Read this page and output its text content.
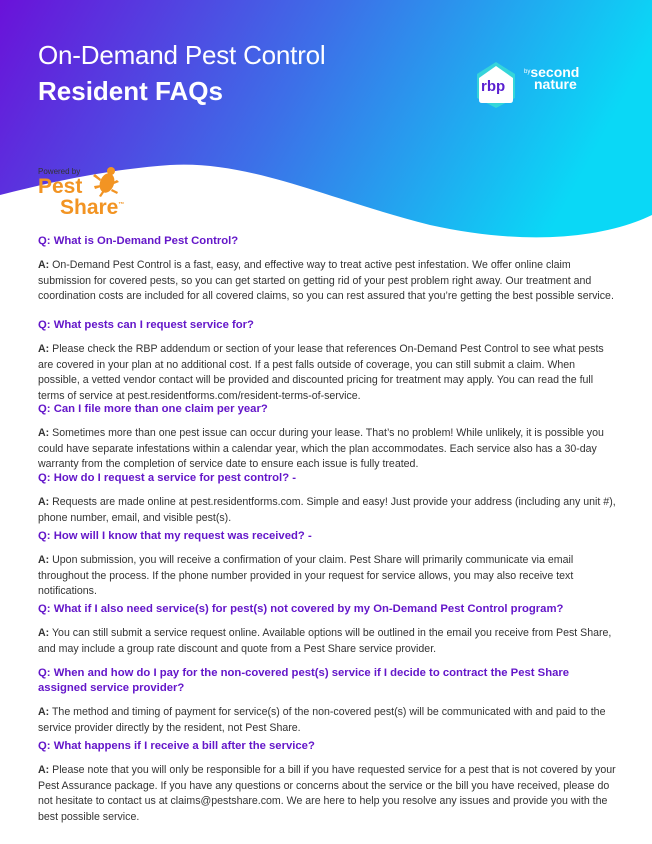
On-Demand Pest Control
Resident FAQs	rbp
$^{by}$second
nature
Powered by
Pest
Share™

Q: What is On-Demand Pest Control?

A: On-Demand Pest Control is a fast, easy, and effective way to treat active pest infestation. We offer online claim submission for covered pests, so you can get started on getting rid of your pest problem right away. Our treatment and coordination costs are included for all covered claims, so you can rest assured that you’re getting the best possible service.

Q: What pests can I request service for?

A: Please check the RBP addendum or section of your lease that references On-Demand Pest Control to see what pests are covered in your plan at no additional cost. If a pest falls outside of coverage, you can still submit a claim. When possible, a vetted vendor contact will be provided and discounted pricing for treatment may apply. You can read the full terms of service at pest.residentforms.com/resident-terms-of-service.

Q: Can I file more than one claim per year?

A: Sometimes more than one pest issue can occur during your lease. That’s no problem! While unlikely, it is possible you could have separate infestations within a calendar year, which the plan accommodates. Each service also has a 30-day warranty from the completion of service date to ensure each issue is fully treated.

Q: How do I request a service for pest control? -

A: Requests are made online at pest.residentforms.com. Simple and easy! Just provide your address (including any unit #), phone number, email, and visible pest(s).

Q: How will I know that my request was received? -

A: Upon submission, you will receive a confirmation of your claim. Pest Share will primarily communicate via email throughout the process. If the phone number provided in your request for service allows, you may also receive text notifications.

Q: What if I also need service(s) for pest(s) not covered by my On-Demand Pest Control program?

A: You can still submit a service request online. Available options will be outlined in the email you receive from Pest Share, and may include a group rate discount and quote from a Pest Share service provider.

Q: When and how do I pay for the non-covered pest(s) service if I decide to contract the Pest Share assigned service provider?

A: The method and timing of payment for service(s) of the non-covered pest(s) will be communicated with and paid to the service provider directly by the resident, not Pest Share.

Q: What happens if I receive a bill after the service?

A: Please note that you will only be responsible for a bill if you have requested service for a pest that is not covered by your Pest Assurance package. If you have any questions or concerns about the service or the bill you have received, please do not hesitate to contact us at claims@pestshare.com. We are here to help you resolve any issues and provide you with the best possible service.
